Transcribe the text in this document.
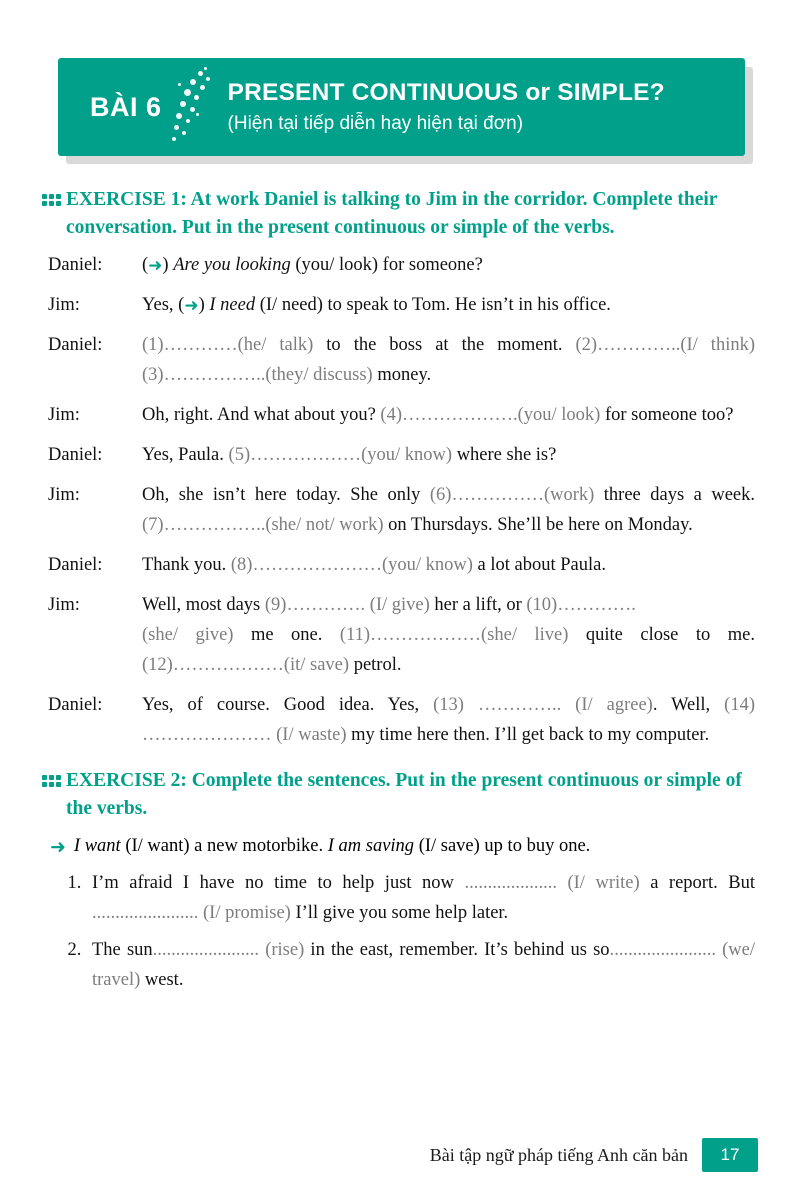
BÀI 6	PRESENT CONTINUOUS or SIMPLE?
(Hiện tại tiếp diễn hay hiện tại đơn)
EXERCISE 1: At work Daniel is talking to Jim in the corridor. Complete their conversation. Put in the present continuous or simple of the verbs.
Daniel:	(➜) Are you looking (you/ look) for someone?
Jim:	Yes, (➜) I need (I/ need) to speak to Tom. He isn’t in his office.
Daniel:	(1)…………(he/ talk) to the boss at the moment. (2)…………..(I/ think) (3)……………..(they/ discuss) money.
Jim:	Oh, right. And what about you? (4)……………….(you/ look) for someone too?
Daniel:	Yes, Paula. (5)………………(you/ know) where she is?
Jim:	Oh, she isn’t here today. She only (6)……………(work) three days a week. (7)……………..(she/ not/ work) on Thursdays. She’ll be here on Monday.
Daniel:	Thank you. (8)…………………(you/ know) a lot about Paula.
Jim:	Well, most days (9)…………. (I/ give) her a lift, or (10)………….
(she/ give) me one. (11)………………(she/ live) quite close to me. (12)………………(it/ save) petrol.
Daniel:	Yes, of course. Good idea. Yes, (13) ………….. (I/ agree). Well, (14) ………………… (I/ waste) my time here then. I’ll get back to my computer.
EXERCISE 2: Complete the sentences. Put in the present continuous or simple of the verbs.
➜ I want (I/ want) a new motorbike. I am saving (I/ save) up to buy one.
1. I’m afraid I have no time to help just now .................... (I/ write) a report. But ....................... (I/ promise) I’ll give you some help later.
2. The sun....................... (rise) in the east, remember. It’s behind us so....................... (we/ travel) west.
Bài tập ngữ pháp tiếng Anh căn bản	17
